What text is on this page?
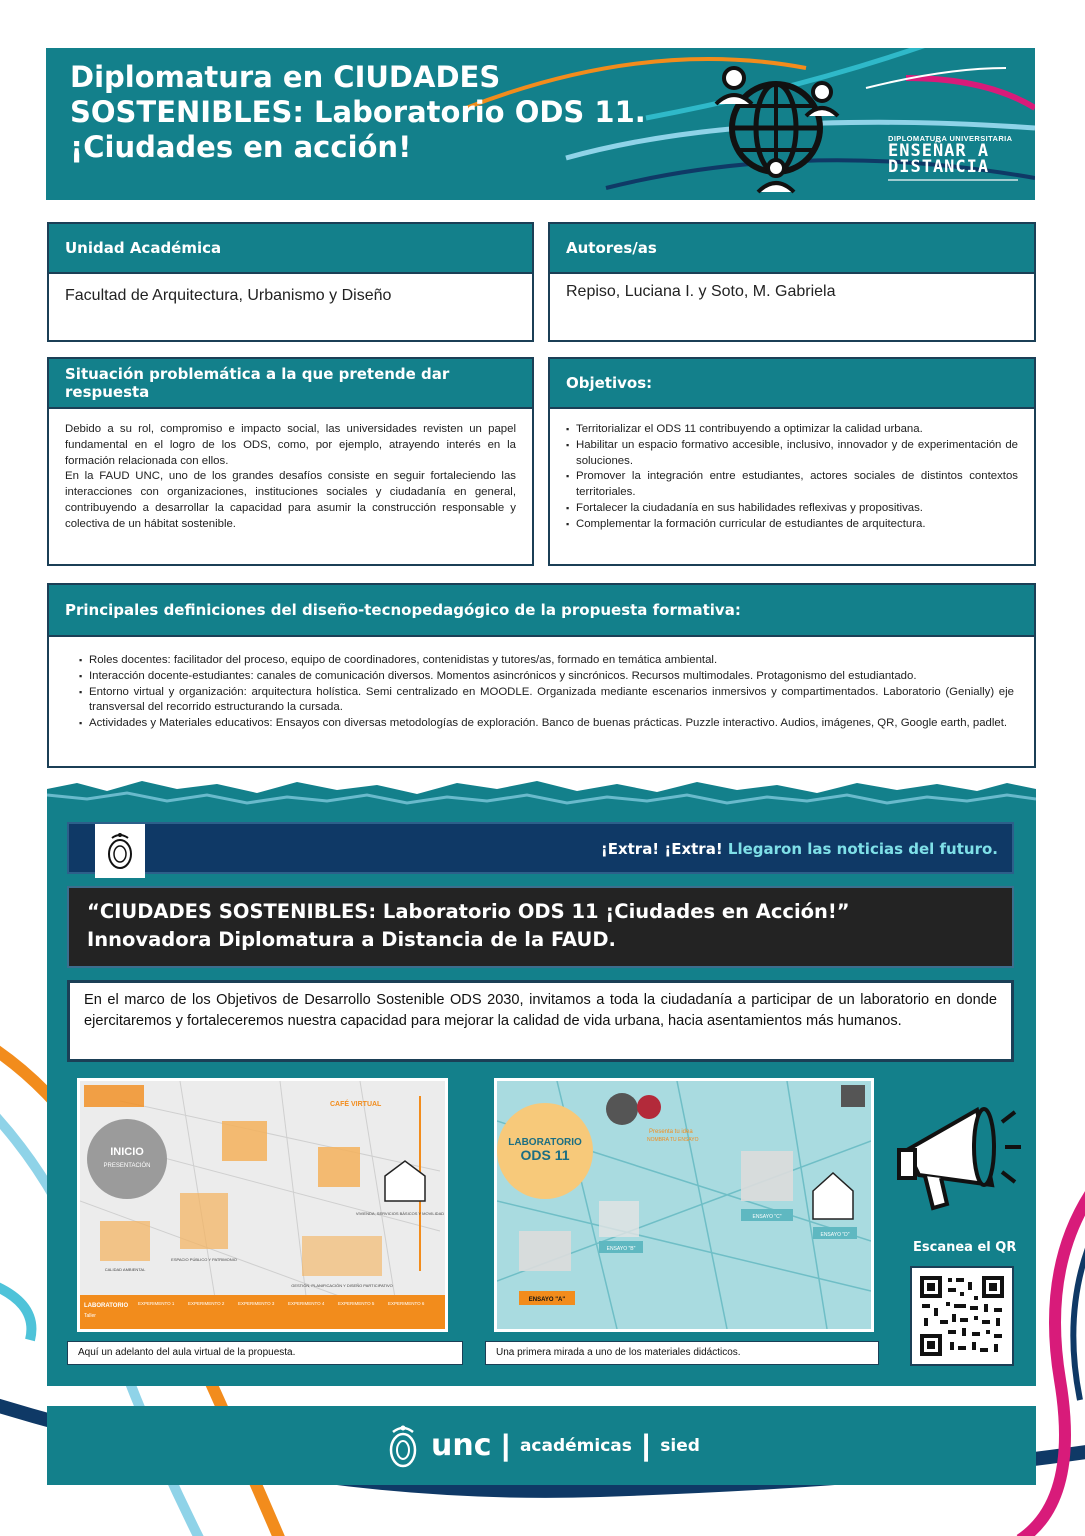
Diplomatura en CIUDADES
SOSTENIBLES: Laboratorio ODS 11.
¡Ciudades en acción!	DIPLOMATURA UNIVERSITARIA
ENSEÑAR A
DISTANCIA
Unidad Académica
Facultad de Arquitectura, Urbanismo y Diseño
Autores/as
Repiso, Luciana I. y Soto, M. Gabriela
Situación problemática a la que pretende dar respuesta

Debido a su rol, compromiso e impacto social, las universidades revisten un papel fundamental en el logro de los ODS, como, por ejemplo, atrayendo interés en la formación relacionada con ellos.

En la FAUD UNC, uno de los grandes desafíos consiste en seguir fortaleciendo las interacciones con organizaciones, instituciones sociales y ciudadanía en general, contribuyendo a desarrollar la capacidad para asumir la construcción responsable y colectiva de un hábitat sostenible.

Objetivos:
▪ Territorializar el ODS 11 contribuyendo a optimizar la calidad urbana.
▪ Habilitar un espacio formativo accesible, inclusivo, innovador y de experimentación de soluciones.
▪ Promover la integración entre estudiantes, actores sociales de distintos contextos territoriales.
▪ Fortalecer la ciudadanía en sus habilidades reflexivas y propositivas.
▪ Complementar la formación curricular de estudiantes de arquitectura.
Principales definiciones del diseño-tecnopedagógico de la propuesta formativa:
▪ Roles docentes: facilitador del proceso, equipo de coordinadores, contenidistas y tutores/as, formado en temática ambiental.
▪ Interacción docente-estudiantes: canales de comunicación diversos. Momentos asincrónicos y sincrónicos. Recursos multimodales. Protagonismo del estudiantado.
▪ Entorno virtual y organización: arquitectura holística. Semi centralizado en MOODLE. Organizada mediante escenarios inmersivos y compartimentados. Laboratorio (Genially) eje transversal del recorrido estructurando la cursada.
▪ Actividades y Materiales educativos: Ensayos con diversas metodologías de exploración. Banco de buenas prácticas. Puzzle interactivo. Audios, imágenes, QR, Google earth, padlet.
¡Extra! ¡Extra! Llegaron las noticias del futuro.
“CIUDADES SOSTENIBLES: Laboratorio ODS 11 ¡Ciudades en Acción!”
Innovadora Diplomatura a Distancia de la FAUD.
En el marco de los Objetivos de Desarrollo Sostenible ODS 2030, invitamos a toda la ciudadanía a participar de un laboratorio en donde ejercitaremos y fortaleceremos nuestra capacidad para mejorar la calidad de vida urbana, hacia asentamientos más humanos.
INICIO
PRESENTACIÓN
CAFÉ VIRTUAL
VIVIENDA, SERVICIOS BÁSICOS Y MOVILIDAD
CALIDAD AMBIENTAL
ESPACIO PÚBLICO Y PATRIMONIO
GESTIÓN, PLANIFICACIÓN Y DISEÑO PARTICIPATIVO
LABORATORIO
Taller
EXPERIMENTO 1	EXPERIMENTO 2	EXPERIMENTO 3	EXPERIMENTO 4	EXPERIMENTO 5	EXPERIMENTO 6
Aquí un adelanto del aula virtual de la propuesta.
LABORATORIO
ODS 11
Presenta tu idea
NOMBRA TU ENSAYO
ENSAYO "A"
ENSAYO "B"
ENSAYO "C"
ENSAYO "D"
Una primera mirada a uno de los materiales didácticos.
Escanea el QR
unc | académicas | sied
